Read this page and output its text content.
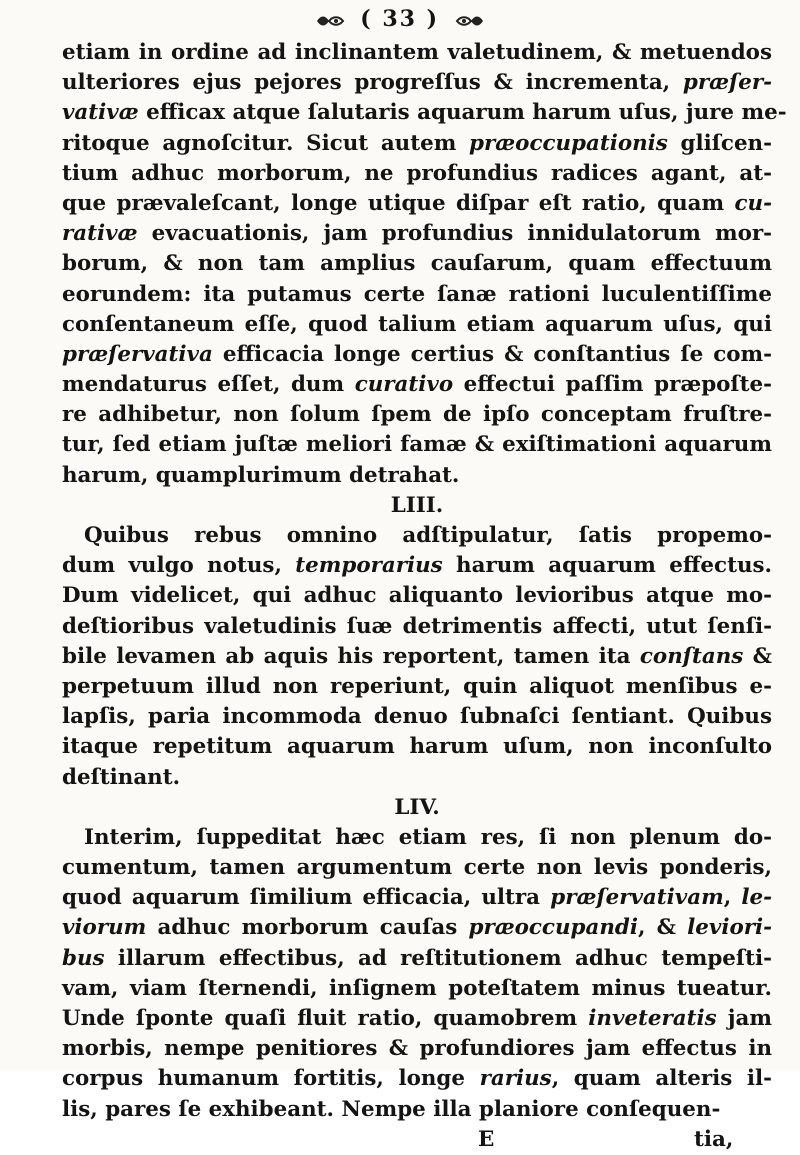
( 33 )
etiam in ordine ad inclinantem valetudinem, & metuendos
ulteriores ejus pejores progreſſus & incrementa, præſer-
vativæ efficax atque ſalutaris aquarum harum uſus, jure me-
ritoque agnoſcitur. Sicut autem præoccupationis gliſcen-
tium adhuc morborum, ne profundius radices agant, at-
que prævaleſcant, longe utique diſpar eſt ratio, quam cu-
rativæ evacuationis, jam profundius innidulatorum mor-
borum, & non tam amplius cauſarum, quam effectuum
eorundem: ita putamus certe ſanæ rationi luculentiſſime
conſentaneum eſſe, quod talium etiam aquarum uſus, qui
præſervativa efficacia longe certius & conſtantius ſe com-
mendaturus eſſet, dum curativo effectui paſſim præpoſte-
re adhibetur, non ſolum ſpem de ipſo conceptam fruſtre-
tur, ſed etiam juſtæ meliori famæ & exiſtimationi aquarum
harum, quamplurimum detrahat.
LIII.
Quibus rebus omnino adſtipulatur, ſatis propemo-
dum vulgo notus, temporarius harum aquarum effectus.
Dum videlicet, qui adhuc aliquanto levioribus atque mo-
deſtioribus valetudinis ſuæ detrimentis affecti, utut ſenſi-
bile levamen ab aquis his reportent, tamen ita conſtans &
perpetuum illud non reperiunt, quin aliquot menſibus e-
lapſis, paria incommoda denuo ſubnaſci ſentiant. Quibus
itaque repetitum aquarum harum uſum, non inconſulto
deſtinant.
LIV.
Interim, ſuppeditat hæc etiam res, ſi non plenum do-
cumentum, tamen argumentum certe non levis ponderis,
quod aquarum ſimilium efficacia, ultra præſervativam, le-
viorum adhuc morborum cauſas præoccupandi, & leviori-
bus illarum effectibus, ad reſtitutionem adhuc tempeſti-
vam, viam ſternendi, inſignem poteſtatem minus tueatur.
Unde ſponte quaſi fluit ratio, quamobrem inveteratis jam
morbis, nempe penitiores & profundiores jam effectus in
corpus humanum fortitis, longe rarius, quam alteris il-
lis, pares ſe exhibeant. Nempe illa planiore conſequen-
E	tia,
